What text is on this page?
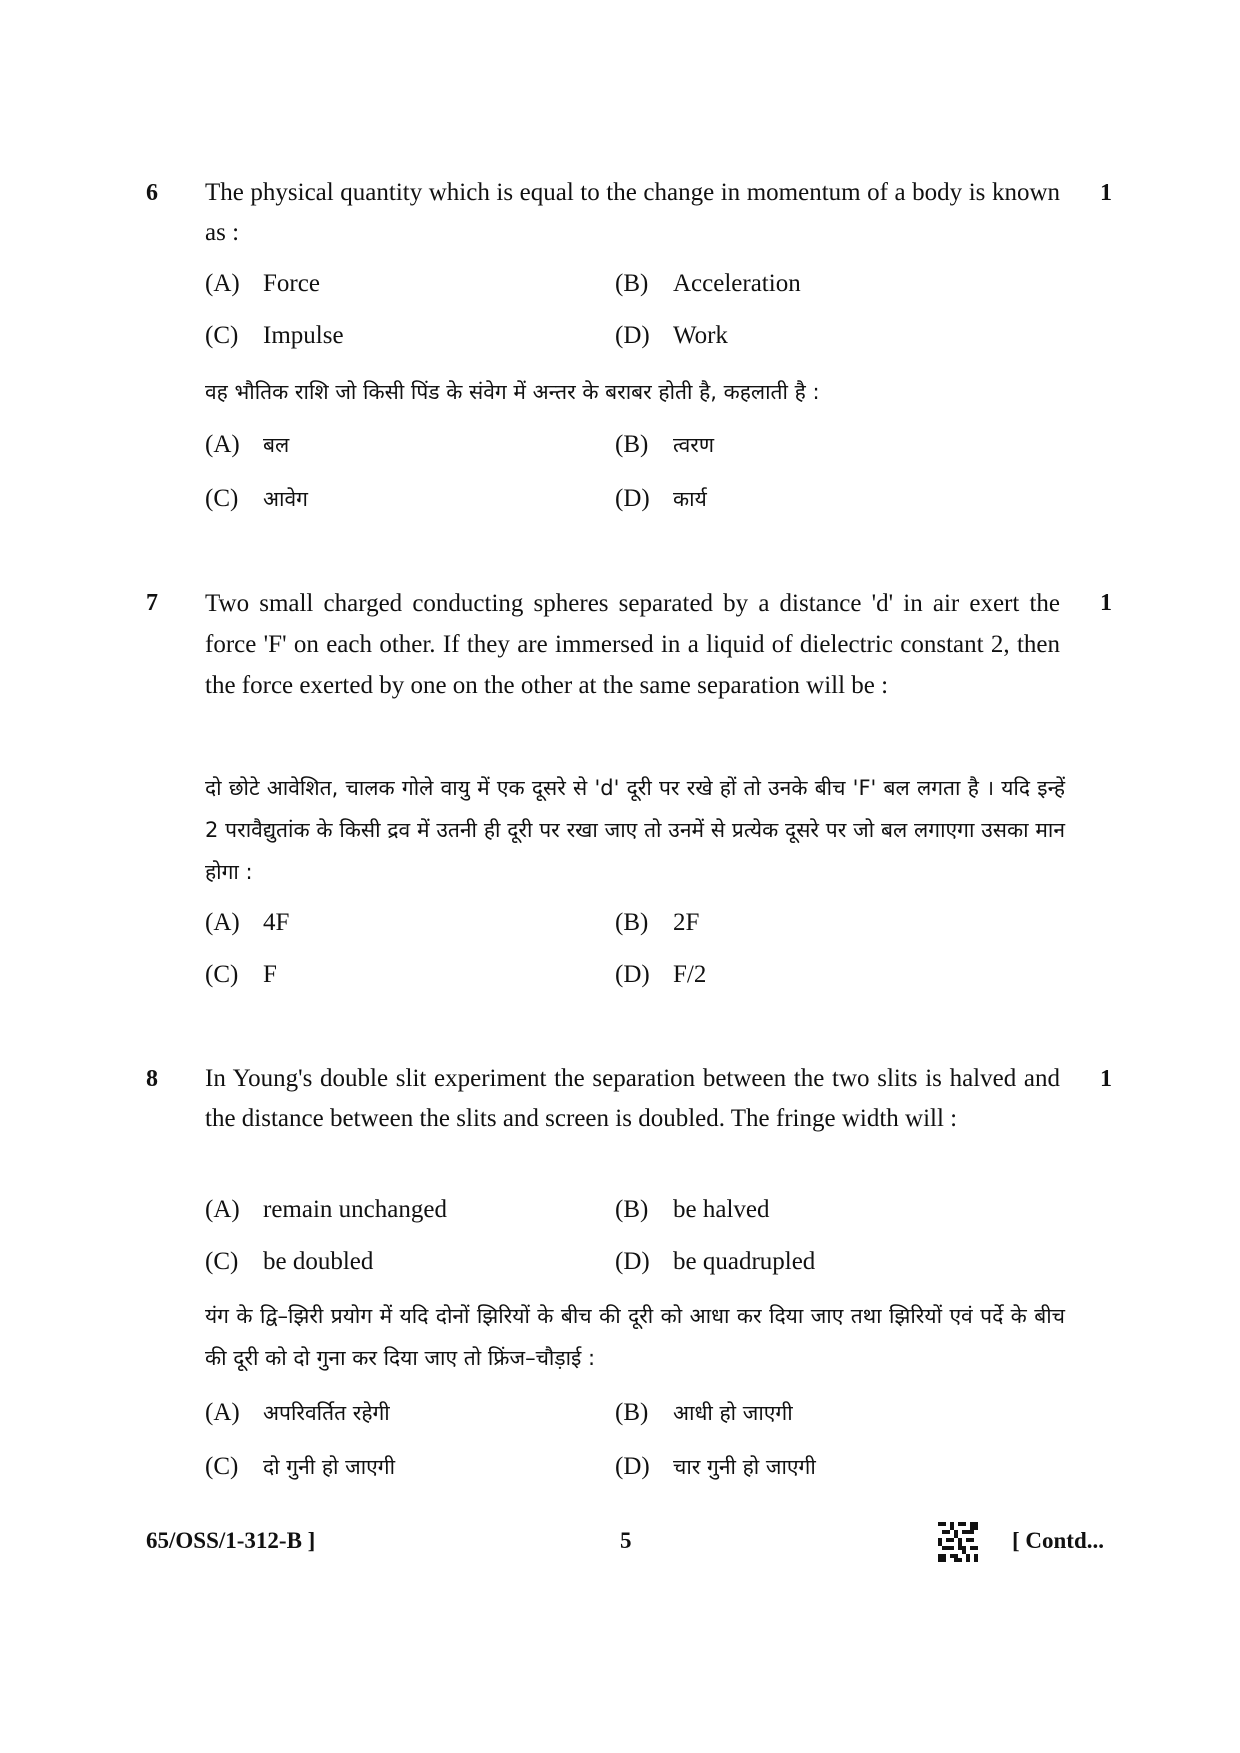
6	1
The physical quantity which is equal to the change in momentum of a body is known as :
(A) Force	(B) Acceleration
(C) Impulse	(D) Work
वह भौतिक राशि जो किसी पिंड के संवेग में अन्तर के बराबर होती है, कहलाती है :
(A) बल	(B) त्वरण
(C) आवेग	(D) कार्य
7	1
Two small charged conducting spheres separated by a distance 'd' in air exert the force 'F' on each other. If they are immersed in a liquid of dielectric constant 2, then the force exerted by one on the other at the same separation will be :
दो छोटे आवेशित, चालक गोले वायु में एक दूसरे से 'd' दूरी पर रखे हों तो उनके बीच 'F' बल लगता है । यदि इन्हें 2 परावैद्युतांक के किसी द्रव में उतनी ही दूरी पर रखा जाए तो उनमें से प्रत्येक दूसरे पर जो बल लगाएगा उसका मान होगा :
(A) 4F	(B) 2F
(C) F	(D) F/2
8	1
In Young's double slit experiment the separation between the two slits is halved and the distance between the slits and screen is doubled. The fringe width will :
(A) remain unchanged	(B) be halved
(C) be doubled	(D) be quadrupled
यंग के द्वि–झिरी प्रयोग में यदि दोनों झिरियों के बीच की दूरी को आधा कर दिया जाए तथा झिरियों एवं पर्दे के बीच की दूरी को दो गुना कर दिया जाए तो फ्रिंज–चौड़ाई :
(A) अपरिवर्तित रहेगी	(B) आधी हो जाएगी
(C) दो गुनी हो जाएगी	(D) चार गुनी हो जाएगी
65/OSS/1-312-B ]	5	[ Contd...
